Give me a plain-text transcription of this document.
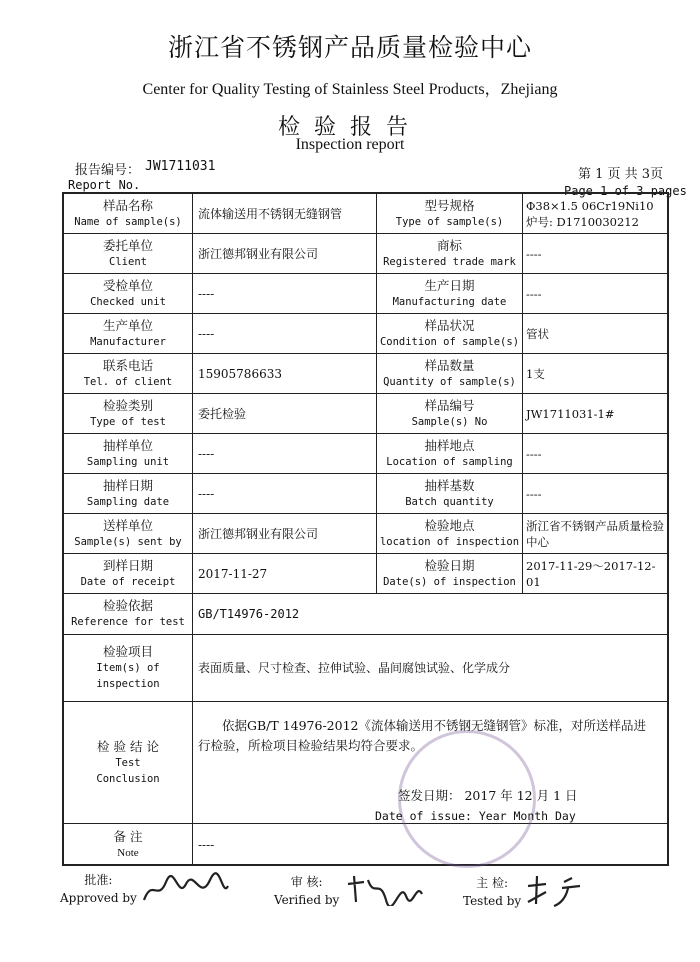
浙江省不锈钢产品质量检验中心
Center for Quality Testing of Stainless Steel Products，Zhejiang
检验报告
Inspection report
报告编号： JW1711031
Report No.
第 1 页 共 3页
Page 1 of 3 pages
样品名称
Name of sample(s)
流体输送用不锈钢无缝钢管
型号规格
Type of sample(s)
Φ38×1.5 06Cr19Ni10 炉号: D1710030212
委托单位
Client
浙江德邦钢业有限公司
商标
Registered trade mark
----
受检单位
Checked unit
----
生产日期
Manufacturing date
----
生产单位
Manufacturer
----
样品状况
Condition of sample(s)
管状
联系电话
Tel. of client
15905786633
样品数量
Quantity of sample(s)
1支
检验类别
Type of test
委托检验
样品编号
Sample(s) No
JW1711031-1#
抽样单位
Sampling unit
----
抽样地点
Location of sampling
----
抽样日期
Sampling date
----
抽样基数
Batch quantity
----
送样单位
Sample(s) sent by
浙江德邦钢业有限公司
检验地点
location of inspection
浙江省不锈钢产品质量检验中心
到样日期
Date of receipt
2017-11-27
检验日期
Date(s) of inspection
2017-11-29～2017-12-01
检验依据
Reference for test
GB/T14976-2012
检验项目
Item(s) of inspection
表面质量、尺寸检查、拉伸试验、晶间腐蚀试验、化学成分
检 验 结 论
Test
Conclusion
依据GB/T 14976-2012《流体输送用不锈钢无缝钢管》标准，对所送样品进行检验，所检项目检验结果均符合要求。
签发日期： 2017 年 12 月 1 日
Date of issue: Year Month Day
备 注
Note
----
批准:
Approved by
审 核:
Verified by
主 检:
Tested by
